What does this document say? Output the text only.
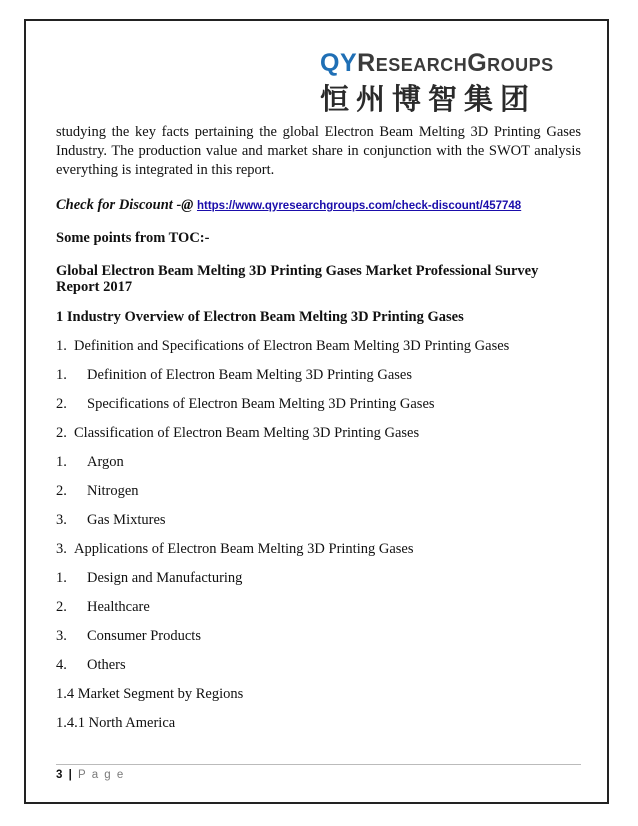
QYRESEARCHGROUPS
恒州博智集团

studying the key facts pertaining the global Electron Beam Melting 3D Printing Gases Industry. The production value and market share in conjunction with the SWOT analysis everything is integrated in this report.

Check for Discount -@ https://www.qyresearchgroups.com/check-discount/457748
Some points from TOC:-
Global Electron Beam Melting 3D Printing Gases Market Professional Survey
Report 2017
1 Industry Overview of Electron Beam Melting 3D Printing Gases
1. Definition and Specifications of Electron Beam Melting 3D Printing Gases
1. Definition of Electron Beam Melting 3D Printing Gases
2. Specifications of Electron Beam Melting 3D Printing Gases
2. Classification of Electron Beam Melting 3D Printing Gases
1. Argon
2. Nitrogen
3. Gas Mixtures
3. Applications of Electron Beam Melting 3D Printing Gases
1. Design and Manufacturing
2. Healthcare
3. Consumer Products
4. Others
1.4 Market Segment by Regions
1.4.1 North America
3 | P a g e
